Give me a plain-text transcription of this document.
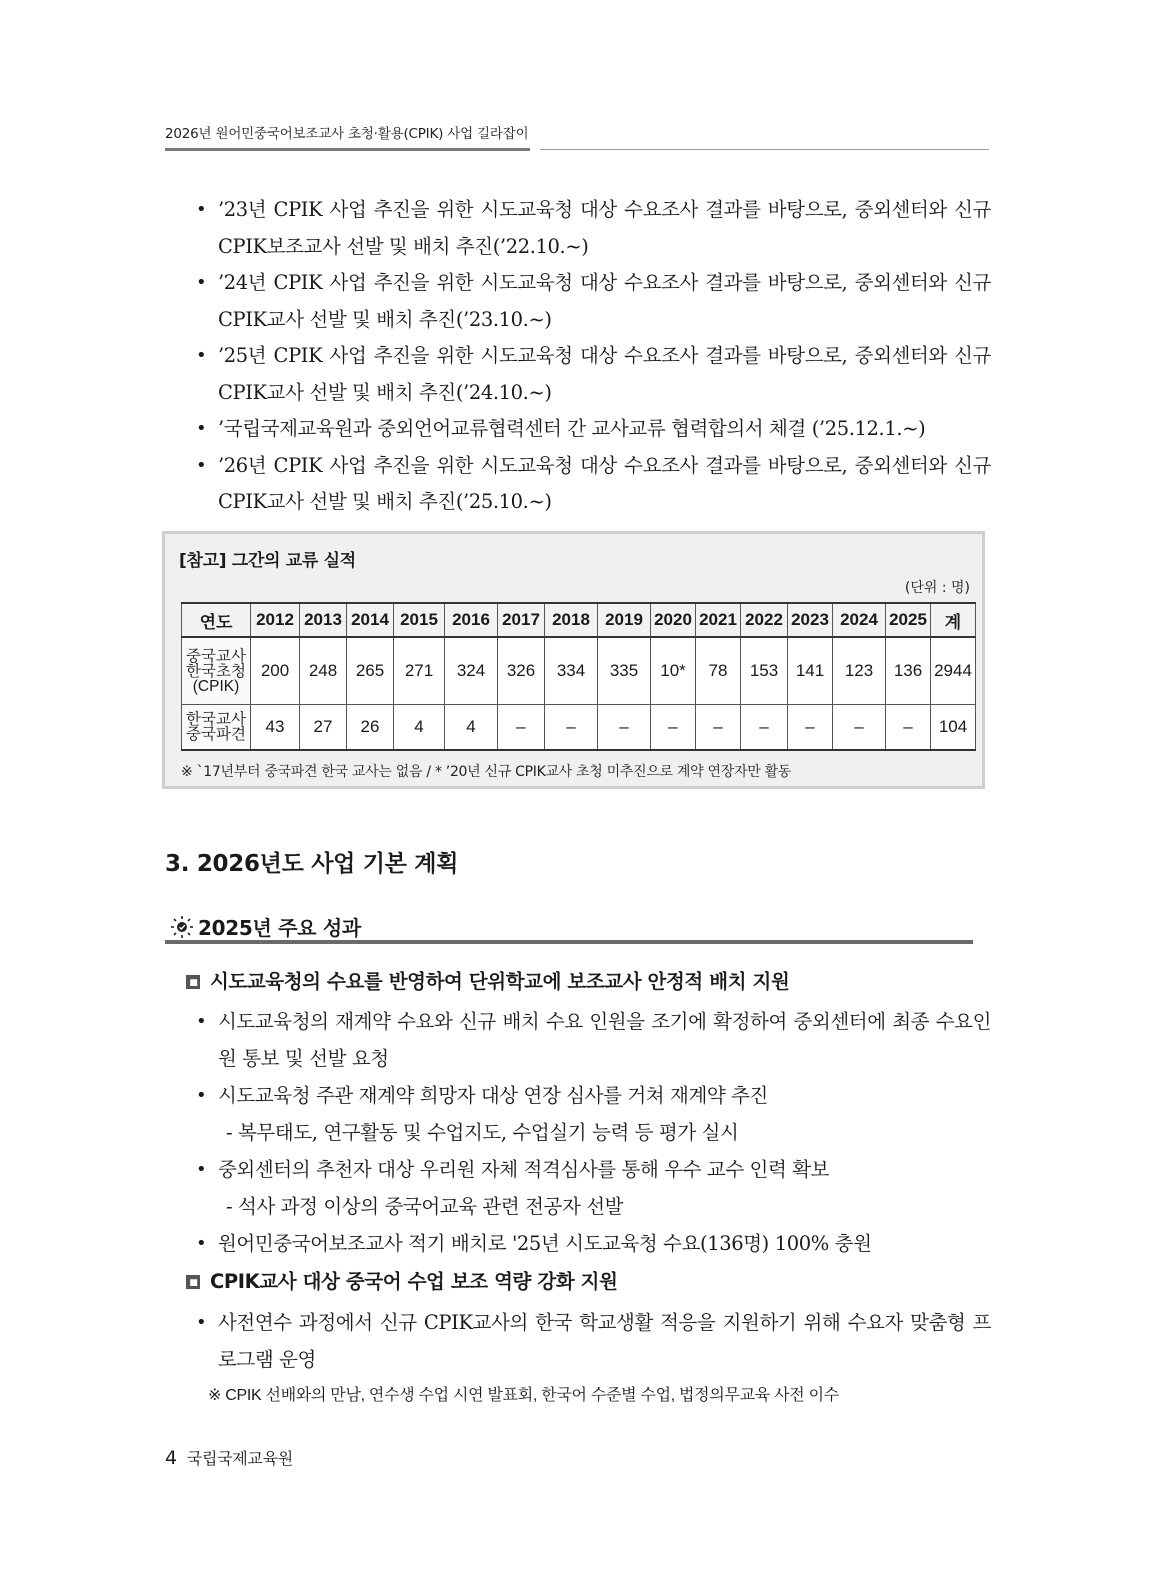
2026년 원어민중국어보조교사 초청·활용(CPIK) 사업 길라잡이
• ’23년 CPIK 사업 추진을 위한 시도교육청 대상 수요조사 결과를 바탕으로, 중외센터와 신규 CPIK보조교사 선발 및 배치 추진(’22.10.~)
• ’24년 CPIK 사업 추진을 위한 시도교육청 대상 수요조사 결과를 바탕으로, 중외센터와 신규 CPIK교사 선발 및 배치 추진(’23.10.~)
• ’25년 CPIK 사업 추진을 위한 시도교육청 대상 수요조사 결과를 바탕으로, 중외센터와 신규 CPIK교사 선발 및 배치 추진(’24.10.~)
• ’국립국제교육원과 중외언어교류협력센터 간 교사교류 협력합의서 체결 (’25.12.1.~)
• ’26년 CPIK 사업 추진을 위한 시도교육청 대상 수요조사 결과를 바탕으로, 중외센터와 신규 CPIK교사 선발 및 배치 추진(’25.10.~)
[참고] 그간의 교류 실적
(단위 : 명)
연도	2012	2013	2014	2015	2016	2017	2018	2019	2020	2021	2022	2023	2024	2025	계

중국교사
한국초청
(CPIK)	200	248	265	271	324	326	334	335	10*	78	153	141	123	136	2944

한국교사
중국파견	43	27	26	4	4	–	–	–	–	–	–	–	–	–	104
※ `17년부터 중국파견 한국 교사는 없음 / * ’20년 신규 CPIK교사 초청 미추진으로 계약 연장자만 활동
3. 2026년도 사업 기본 계획
2025년 주요 성과
시도교육청의 수요를 반영하여 단위학교에 보조교사 안정적 배치 지원
• 시도교육청의 재계약 수요와 신규 배치 수요 인원을 조기에 확정하여 중외센터에 최종 수요인원 통보 및 선발 요청
• 시도교육청 주관 재계약 희망자 대상 연장 심사를 거쳐 재계약 추진
- 복무태도, 연구활동 및 수업지도, 수업실기 능력 등 평가 실시
• 중외센터의 추천자 대상 우리원 자체 적격심사를 통해 우수 교수 인력 확보
- 석사 과정 이상의 중국어교육 관련 전공자 선발
• 원어민중국어보조교사 적기 배치로 '25년 시도교육청 수요(136명) 100% 충원
CPIK교사 대상 중국어 수업 보조 역량 강화 지원
• 사전연수 과정에서 신규 CPIK교사의 한국 학교생활 적응을 지원하기 위해 수요자 맞춤형 프로그램 운영
※ CPIK 선배와의 만남, 연수생 수업 시연 발표회, 한국어 수준별 수업, 법정의무교육 사전 이수
4 국립국제교육원
